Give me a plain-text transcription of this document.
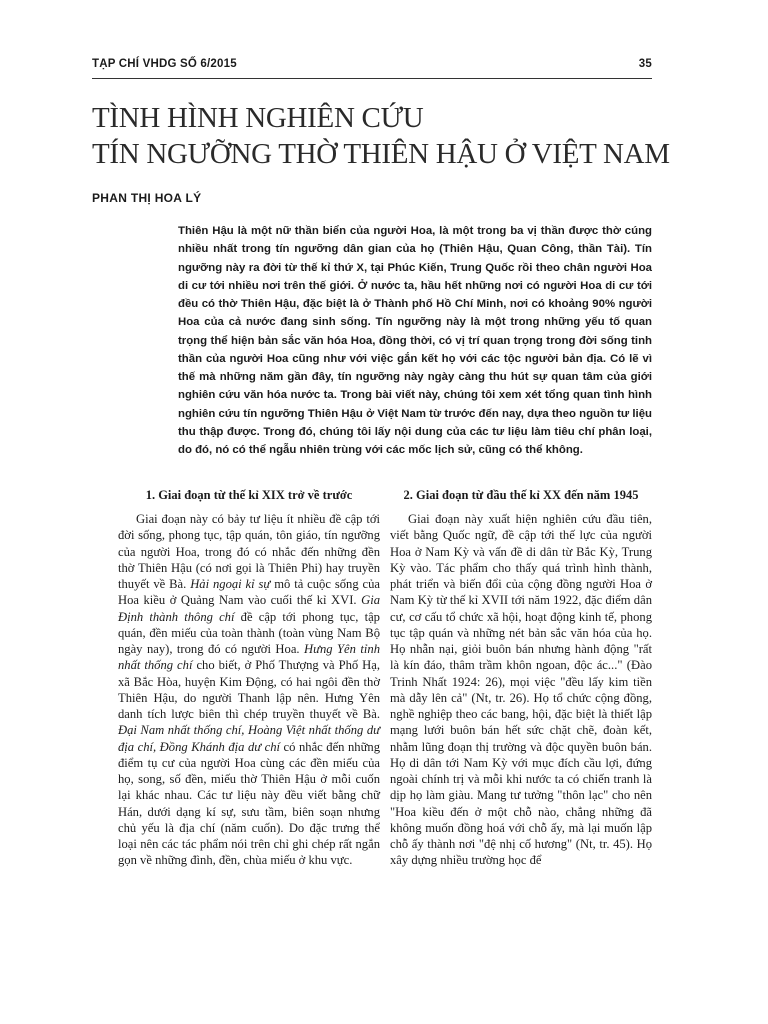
TẠP CHÍ VHDG SỐ 6/2015	35
TÌNH HÌNH NGHIÊN CỨU
TÍN NGƯỠNG THỜ THIÊN HẬU Ở VIỆT NAM
PHAN THỊ HOA LÝ

Thiên Hậu là một nữ thần biển của người Hoa, là một trong ba vị thần được thờ cúng nhiều nhất trong tín ngưỡng dân gian của họ (Thiên Hậu, Quan Công, thần Tài). Tín ngưỡng này ra đời từ thế kỉ thứ X, tại Phúc Kiến, Trung Quốc rồi theo chân người Hoa di cư tới nhiều nơi trên thế giới. Ở nước ta, hầu hết những nơi có người Hoa di cư tới đều có thờ Thiên Hậu, đặc biệt là ở Thành phố Hồ Chí Minh, nơi có khoảng 90% người Hoa của cả nước đang sinh sống. Tín ngưỡng này là một trong những yếu tố quan trọng thể hiện bản sắc văn hóa Hoa, đồng thời, có vị trí quan trọng trong đời sống tinh thần của người Hoa cũng như với việc gắn kết họ với các tộc người bản địa. Có lẽ vì thế mà những năm gần đây, tín ngưỡng này ngày càng thu hút sự quan tâm của giới nghiên cứu văn hóa nước ta. Trong bài viết này, chúng tôi xem xét tổng quan tình hình nghiên cứu tín ngưỡng Thiên Hậu ở Việt Nam từ trước đến nay, dựa theo nguồn tư liệu thu thập được. Trong đó, chúng tôi lấy nội dung của các tư liệu làm tiêu chí phân loại, do đó, nó có thể ngẫu nhiên trùng với các mốc lịch sử, cũng có thể không.

1. Giai đoạn từ thế kỉ XIX trở về trước

Giai đoạn này có bảy tư liệu ít nhiều đề cập tới đời sống, phong tục, tập quán, tôn giáo, tín ngưỡng của người Hoa, trong đó có nhắc đến những đền thờ Thiên Hậu (có nơi gọi là Thiên Phi) hay truyền thuyết về Bà. Hải ngoại kỉ sự mô tả cuộc sống của Hoa kiều ở Quảng Nam vào cuối thế kỉ XVI. Gia Định thành thông chí đề cập tới phong tục, tập quán, đền miếu của toàn thành (toàn vùng Nam Bộ ngày nay), trong đó có người Hoa. Hưng Yên tỉnh nhất thống chí cho biết, ở Phố Thượng và Phố Hạ, xã Bắc Hòa, huyện Kim Động, có hai ngôi đền thờ Thiên Hậu, do người Thanh lập nên. Hưng Yên danh tích lược biên thì chép truyền thuyết về Bà. Đại Nam nhất thống chí, Hoàng Việt nhất thống dư địa chí, Đồng Khánh địa dư chí có nhắc đến những điểm tụ cư của người Hoa cùng các đền miếu của họ, song, số đền, miếu thờ Thiên Hậu ở mỗi cuốn lại khác nhau. Các tư liệu này đều viết bằng chữ Hán, dưới dạng kí sự, sưu tầm, biên soạn nhưng chủ yếu là địa chí (năm cuốn). Do đặc trưng thể loại nên các tác phẩm nói trên chỉ ghi chép rất ngắn gọn về những đình, đền, chùa miếu ở khu vực.

2. Giai đoạn từ đầu thế kỉ XX đến năm 1945

Giai đoạn này xuất hiện nghiên cứu đầu tiên, viết bằng Quốc ngữ, đề cập tới thế lực của người Hoa ở Nam Kỳ và vấn đề di dân từ Bắc Kỳ, Trung Kỳ vào. Tác phẩm cho thấy quá trình hình thành, phát triển và biến đổi của cộng đồng người Hoa ở Nam Kỳ từ thế kỉ XVII tới năm 1922, đặc điểm dân cư, cơ cấu tổ chức xã hội, hoạt động kinh tế, phong tục tập quán và những nét bản sắc văn hóa của họ. Họ nhẫn nại, giỏi buôn bán nhưng hành động "rất là kín đáo, thâm trầm khôn ngoan, độc ác..." (Đào Trinh Nhất 1924: 26), mọi việc "đều lấy kim tiền mà dẫy lên cả" (Nt, tr. 26). Họ tổ chức cộng đồng, nghề nghiệp theo các bang, hội, đặc biệt là thiết lập mạng lưới buôn bán hết sức chặt chẽ, đoàn kết, nhằm lũng đoạn thị trường và độc quyền buôn bán. Họ di dân tới Nam Kỳ với mục đích cầu lợi, đứng ngoài chính trị và mỗi khi nước ta có chiến tranh là dịp họ làm giàu. Mang tư tưởng "thôn lạc" cho nên "Hoa kiều đến ở một chỗ nào, chẳng những đã không muốn đồng hoá với chỗ ấy, mà lại muốn lập chỗ ấy thành nơi "đệ nhị cố hương" (Nt, tr. 45). Họ xây dựng nhiều trường học để
